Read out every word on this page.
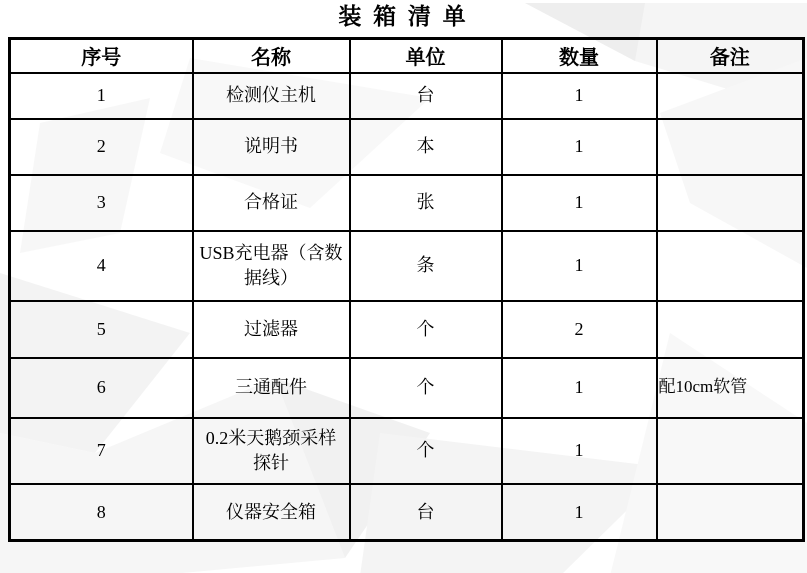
装 箱 清 单
序号	名称	单位	数量	备注
1	检测仪主机	台	1	
2	说明书	本	1	
3	合格证	张	1	
4	USB充电器（含数据线）	条	1	
5	过滤器	个	2	
6	三通配件	个	1	配10cm软管
7	0.2米天鹅颈采样探针	个	1	
8	仪器安全箱	台	1	
